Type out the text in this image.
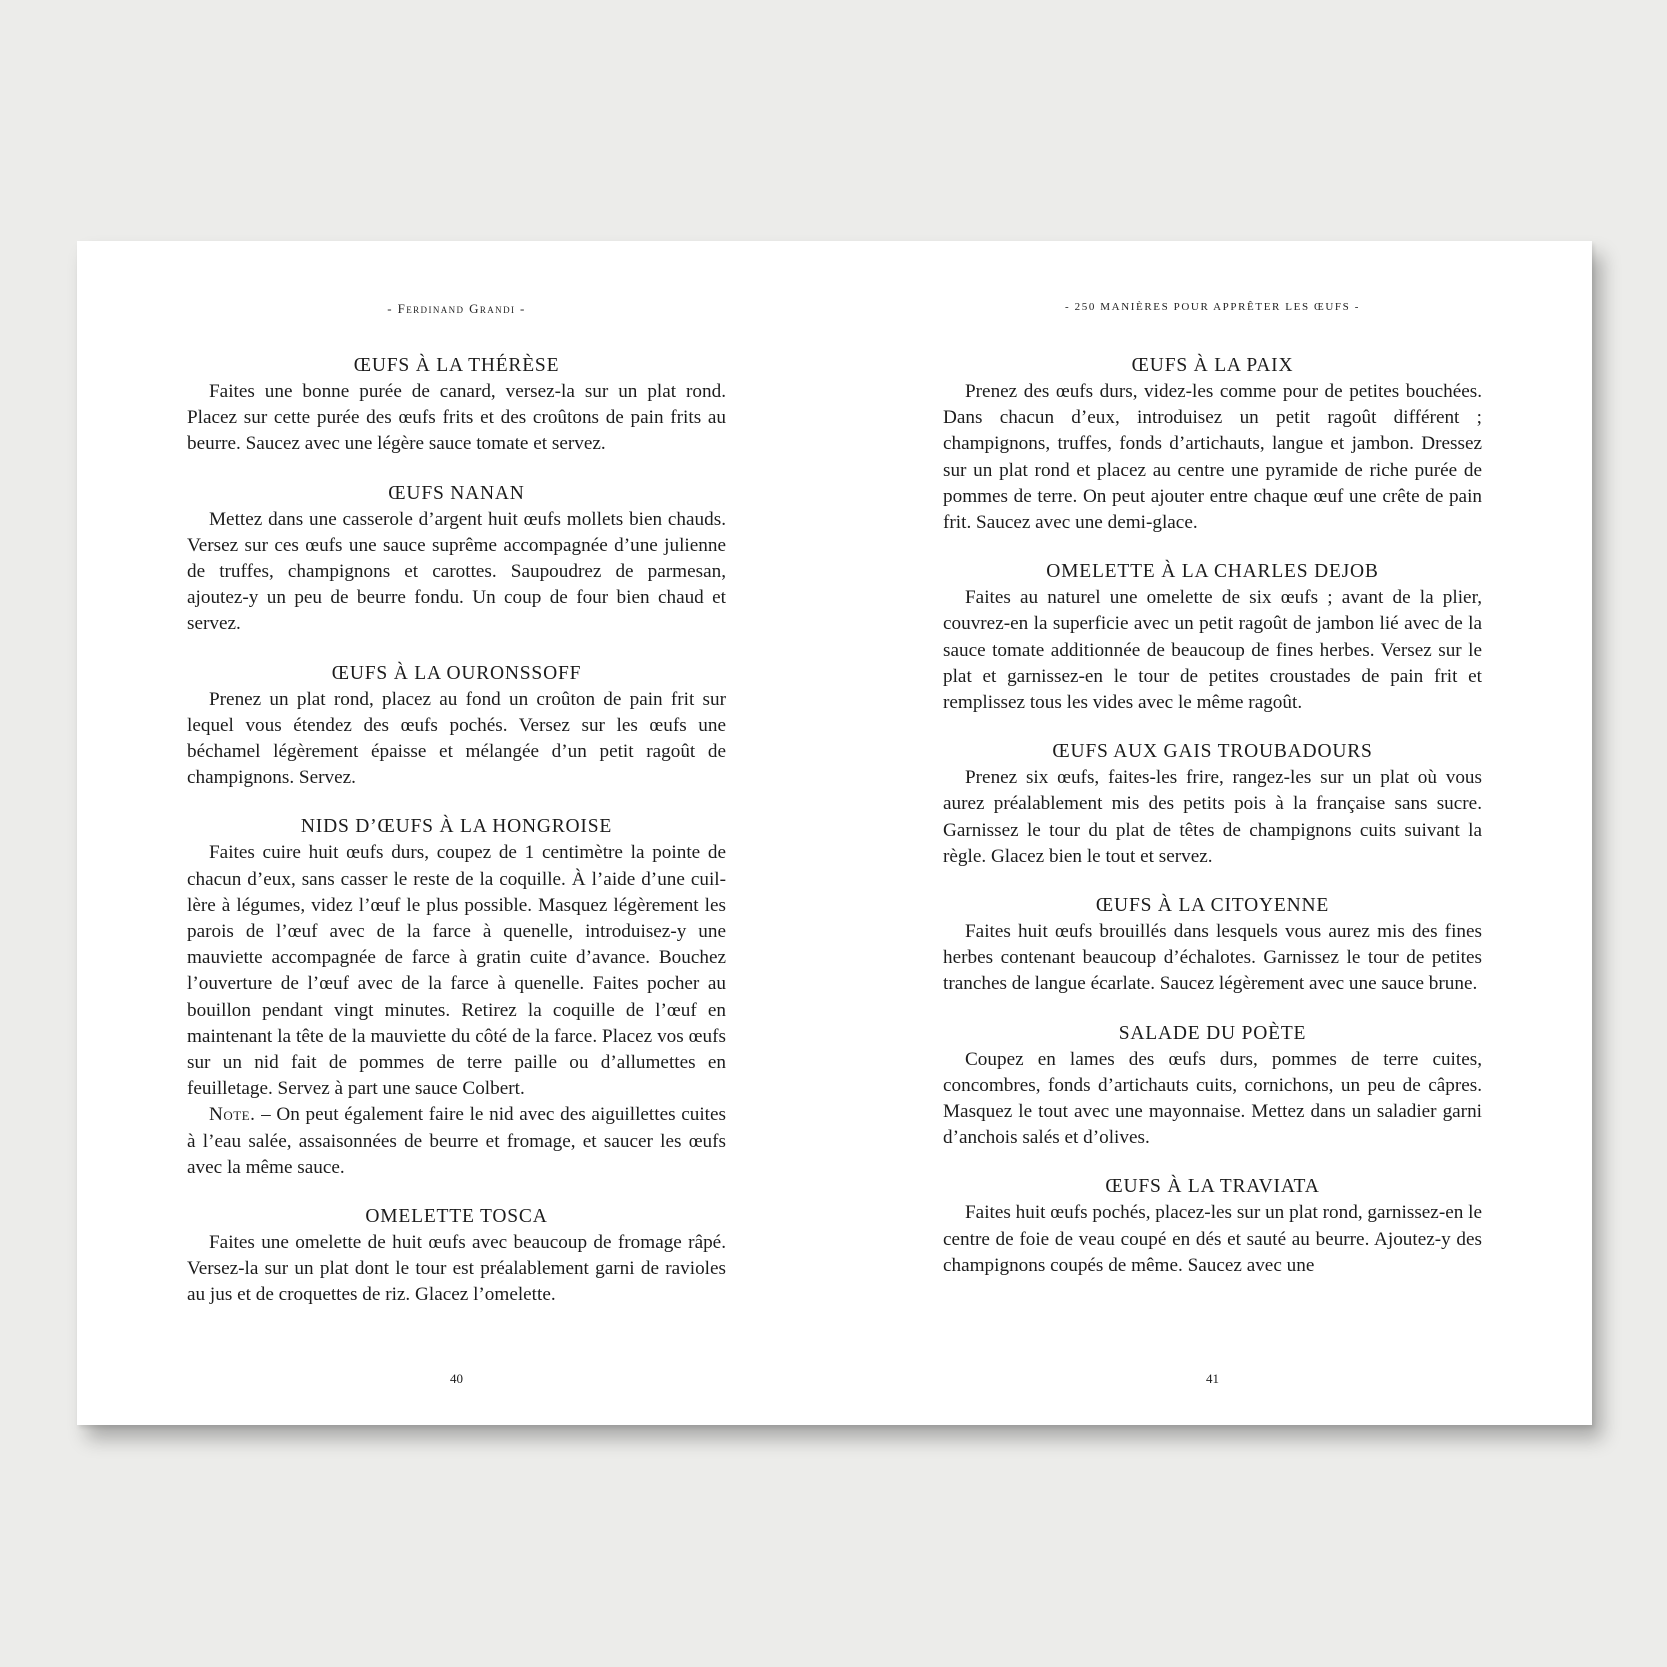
- Ferdinand Grandi -
ŒUFS À LA THÉRÈSE

Faites une bonne purée de canard, versez-la sur un plat rond. Placez sur cette purée des œufs frits et des croûtons de pain frits au beurre. Saucez avec une légère sauce tomate et servez.

ŒUFS NANAN

Mettez dans une casserole d’argent huit œufs mollets bien chauds. Versez sur ces œufs une sauce suprême accompagnée d’une julienne de truffes, champignons et carottes. Saupoudrez de parmesan, ajoutez-y un peu de beurre fondu. Un coup de four bien chaud et servez.

ŒUFS À LA OURONSSOFF

Prenez un plat rond, placez au fond un croûton de pain frit sur lequel vous étendez des œufs pochés. Versez sur les œufs une béchamel légèrement épaisse et mélangée d’un petit ragoût de champignons. Servez.

NIDS D’ŒUFS À LA HONGROISE

Faites cuire huit œufs durs, coupez de 1 centimètre la pointe de chacun d’eux, sans casser le reste de la coquille. À l’aide d’une cuillère à légumes, videz l’œuf le plus possible. Masquez légèrement les parois de l’œuf avec de la farce à quenelle, introduisez-y une mauviette accompagnée de farce à gratin cuite d’avance. Bouchez l’ouverture de l’œuf avec de la farce à quenelle. Faites pocher au bouillon pendant vingt minutes. Retirez la coquille de l’œuf en maintenant la tête de la mauviette du côté de la farce. Placez vos œufs sur un nid fait de pommes de terre paille ou d’allumettes en feuilletage. Servez à part une sauce Colbert.

Note. – On peut également faire le nid avec des aiguillettes cuites à l’eau salée, assaisonnées de beurre et fromage, et saucer les œufs avec la même sauce.

OMELETTE TOSCA

Faites une omelette de huit œufs avec beaucoup de fromage râpé. Versez-la sur un plat dont le tour est préalablement garni de ravioles au jus et de croquettes de riz. Glacez l’omelette.

40
- 250 MANIÈRES POUR APPRÊTER LES ŒUFS -
ŒUFS À LA PAIX

Prenez des œufs durs, videz-les comme pour de petites bouchées. Dans chacun d’eux, introduisez un petit ragoût différent ; champignons, truffes, fonds d’artichauts, langue et jambon. Dressez sur un plat rond et placez au centre une pyramide de riche purée de pommes de terre. On peut ajouter entre chaque œuf une crête de pain frit. Saucez avec une demi-glace.

OMELETTE À LA CHARLES DEJOB

Faites au naturel une omelette de six œufs ; avant de la plier, couvrez-en la superficie avec un petit ragoût de jambon lié avec de la sauce tomate additionnée de beaucoup de fines herbes. Versez sur le plat et garnissez-en le tour de petites croustades de pain frit et remplissez tous les vides avec le même ragoût.

ŒUFS AUX GAIS TROUBADOURS

Prenez six œufs, faites-les frire, rangez-les sur un plat où vous aurez préalablement mis des petits pois à la française sans sucre. Garnissez le tour du plat de têtes de champignons cuits suivant la règle. Glacez bien le tout et servez.

ŒUFS À LA CITOYENNE

Faites huit œufs brouillés dans lesquels vous aurez mis des fines herbes contenant beaucoup d’échalotes. Garnissez le tour de petites tranches de langue écarlate. Saucez légèrement avec une sauce brune.

SALADE DU POÈTE

Coupez en lames des œufs durs, pommes de terre cuites, concombres, fonds d’artichauts cuits, cornichons, un peu de câpres. Masquez le tout avec une mayonnaise. Mettez dans un saladier garni d’anchois salés et d’olives.

ŒUFS À LA TRAVIATA

Faites huit œufs pochés, placez-les sur un plat rond, garnissez-en le centre de foie de veau coupé en dés et sauté au beurre. Ajoutez-y des champignons coupés de même. Saucez avec une

41
